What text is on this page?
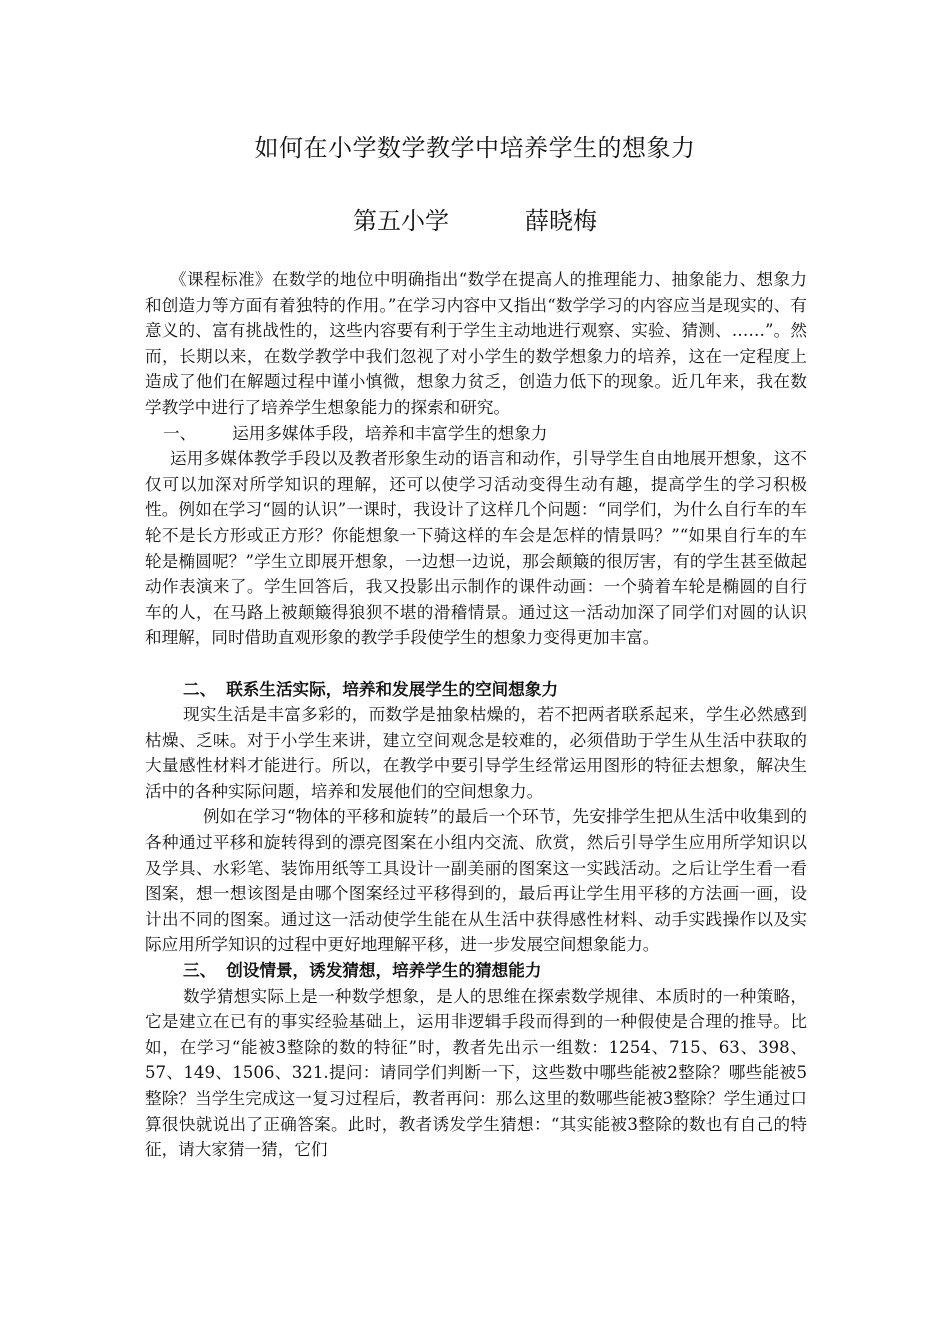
如何在小学数学教学中培养学生的想象力
第五小学	薛晓梅

《课程标准》在数学的地位中明确指出“数学在提高人的推理能力、抽象能力、想象力和创造力等方面有着独特的作用。”在学习内容中又指出“数学学习的内容应当是现实的、有意义的、富有挑战性的，这些内容要有利于学生主动地进行观察、实验、猜测、……”。然而，长期以来，在数学教学中我们忽视了对小学生的数学想象力的培养，这在一定程度上造成了他们在解题过程中谨小慎微，想象力贫乏，创造力低下的现象。近几年来，我在数学教学中进行了培养学生想象能力的探索和研究。

一、 运用多媒体手段，培养和丰富学生的想象力

运用多媒体教学手段以及教者形象生动的语言和动作，引导学生自由地展开想象，这不仅可以加深对所学知识的理解，还可以使学习活动变得生动有趣，提高学生的学习积极性。例如在学习“圆的认识”一课时，我设计了这样几个问题：“同学们，为什么自行车的车轮不是长方形或正方形？你能想象一下骑这样的车会是怎样的情景吗？”“如果自行车的车轮是椭圆呢？”学生立即展开想象，一边想一边说，那会颠簸的很厉害，有的学生甚至做起动作表演来了。学生回答后，我又投影出示制作的课件动画：一个骑着车轮是椭圆的自行车的人，在马路上被颠簸得狼狈不堪的滑稽情景。通过这一活动加深了同学们对圆的认识和理解，同时借助直观形象的教学手段使学生的想象力变得更加丰富。

二、 联系生活实际，培养和发展学生的空间想象力

现实生活是丰富多彩的，而数学是抽象枯燥的，若不把两者联系起来，学生必然感到枯燥、乏味。对于小学生来讲，建立空间观念是较难的，必须借助于学生从生活中获取的大量感性材料才能进行。所以，在教学中要引导学生经常运用图形的特征去想象，解决生活中的各种实际问题，培养和发展他们的空间想象力。

例如在学习“物体的平移和旋转”的最后一个环节，先安排学生把从生活中收集到的各种通过平移和旋转得到的漂亮图案在小组内交流、欣赏，然后引导学生应用所学知识以及学具、水彩笔、装饰用纸等工具设计一副美丽的图案这一实践活动。之后让学生看一看图案，想一想该图是由哪个图案经过平移得到的，最后再让学生用平移的方法画一画，设计出不同的图案。通过这一活动使学生能在从生活中获得感性材料、动手实践操作以及实际应用所学知识的过程中更好地理解平移，进一步发展空间想象能力。

三、 创设情景，诱发猜想，培养学生的猜想能力

数学猜想实际上是一种数学想象，是人的思维在探索数学规律、本质时的一种策略，它是建立在已有的事实经验基础上，运用非逻辑手段而得到的一种假使是合理的推导。比如，在学习“能被3整除的数的特征”时，教者先出示一组数：1254、715、63、398、57、149、1506、321.提问：请同学们判断一下，这些数中哪些能被2整除？哪些能被5整除？当学生完成这一复习过程后，教者再问：那么这里的数哪些能被3整除？学生通过口算很快就说出了正确答案。此时，教者诱发学生猜想：“其实能被3整除的数也有自己的特征，请大家猜一猜，它们
